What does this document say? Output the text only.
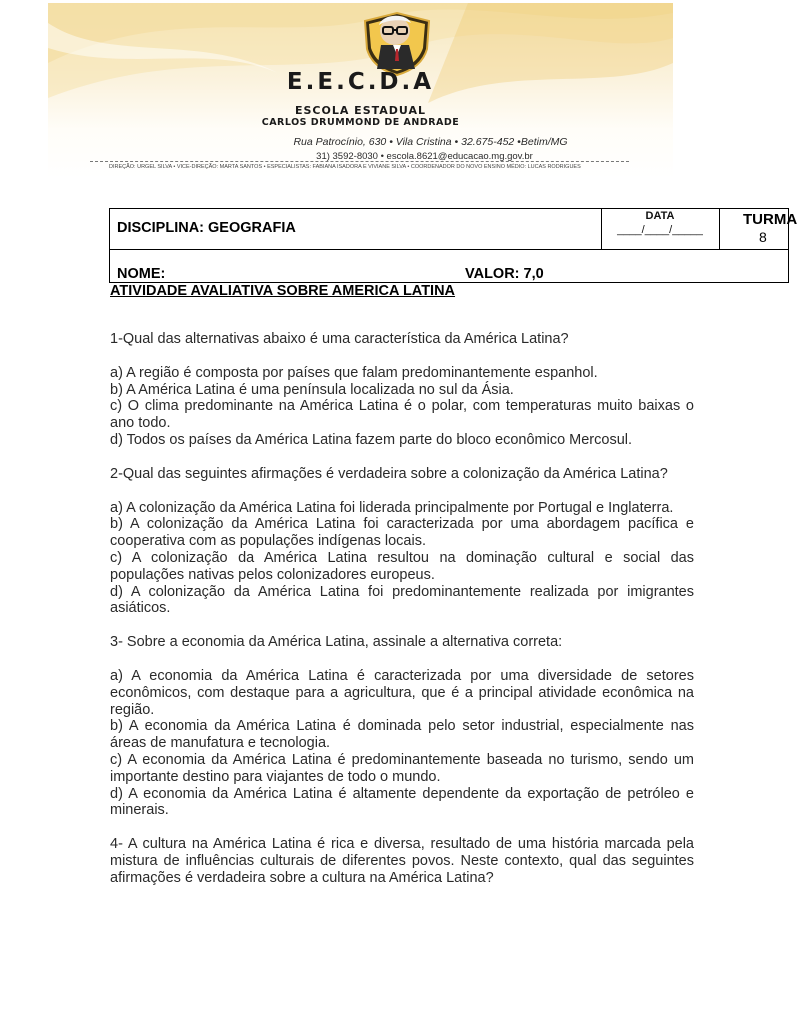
E.E.C.D.A
ESCOLA ESTADUAL
CARLOS DRUMMOND DE ANDRADE
Rua Patrocínio, 630 • Vila Cristina • 32.675-452 •Betim/MG
31) 3592-8030 • escola.8621@educacao.mg.gov.br
DIREÇÃO: URGEL SILVA • VICE-DIREÇÃO: MARTA SANTOS • ESPECIALISTAS: FABIANA ISADORA E VIVIANE SILVA • COORDENADOR DO NOVO ENSINO MÉDIO: LUCAS RODRIGUES
DISCIPLINA: GEOGRAFIA
DATA
____/____/_____
TURMA
8
NOME:	VALOR: 7,0

ATIVIDADE AVALIATIVA SOBRE AMERICA LATINA

1-Qual das alternativas abaixo é uma característica da América Latina?

a) A região é composta por países que falam predominantemente espanhol.

b) A América Latina é uma península localizada no sul da Ásia.

c) O clima predominante na América Latina é o polar, com temperaturas muito baixas o ano todo.

d) Todos os países da América Latina fazem parte do bloco econômico Mercosul.

2-Qual das seguintes afirmações é verdadeira sobre a colonização da América Latina?

a) A colonização da América Latina foi liderada principalmente por Portugal e Inglaterra.

b) A colonização da América Latina foi caracterizada por uma abordagem pacífica e cooperativa com as populações indígenas locais.

c) A colonização da América Latina resultou na dominação cultural e social das populações nativas pelos colonizadores europeus.

d) A colonização da América Latina foi predominantemente realizada por imigrantes asiáticos.

3- Sobre a economia da América Latina, assinale a alternativa correta:

a) A economia da América Latina é caracterizada por uma diversidade de setores econômicos, com destaque para a agricultura, que é a principal atividade econômica na região.

b) A economia da América Latina é dominada pelo setor industrial, especialmente nas áreas de manufatura e tecnologia.

c) A economia da América Latina é predominantemente baseada no turismo, sendo um importante destino para viajantes de todo o mundo.

d) A economia da América Latina é altamente dependente da exportação de petróleo e minerais.

4- A cultura na América Latina é rica e diversa, resultado de uma história marcada pela mistura de influências culturais de diferentes povos. Neste contexto, qual das seguintes afirmações é verdadeira sobre a cultura na América Latina?
